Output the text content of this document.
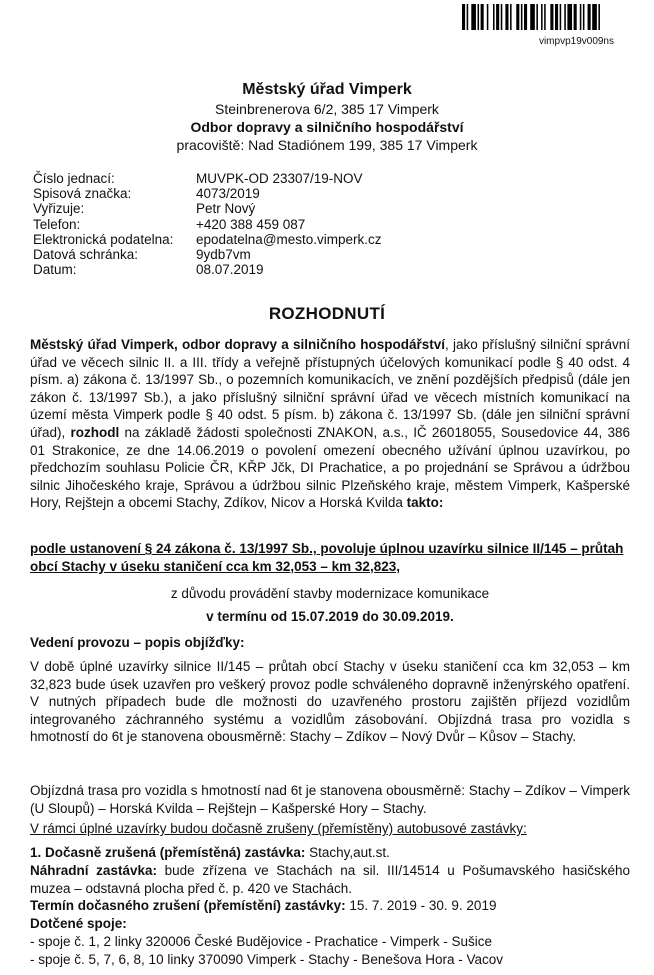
vimpvp19v009ns
Městský úřad Vimperk
Steinbrenerova 6/2, 385 17 Vimperk
Odbor dopravy a silničního hospodářství
pracoviště: Nad Stadiónem 199, 385 17 Vimperk
Číslo jednací:	MUVPK-OD 23307/19-NOV
Spisová značka:	4073/2019
Vyřizuje:	Petr Nový
Telefon:	+420 388 459 087
Elektronická podatelna: epodatelna@mesto.vimperk.cz
Datová schránka:	9ydb7vm
Datum:	08.07.2019
ROZHODNUTÍ
Městský úřad Vimperk, odbor dopravy a silničního hospodářství, jako příslušný silniční správní úřad ve věcech silnic II. a III. třídy a veřejně přístupných účelových komunikací podle § 40 odst. 4 písm. a) zákona č. 13/1997 Sb., o pozemních komunikacích, ve znění pozdějších předpisů (dále jen zákon č. 13/1997 Sb.), a jako příslušný silniční správní úřad ve věcech místních komunikací na území města Vimperk podle § 40 odst. 5 písm. b) zákona č. 13/1997 Sb. (dále jen silniční správní úřad), rozhodl na základě žádosti společnosti ZNAKON, a.s., IČ 26018055, Sousedovice 44, 386 01 Strakonice, ze dne 14.06.2019 o povolení omezení obecného užívání úplnou uzavírkou, po předchozím souhlasu Policie ČR, KŘP Jčk, DI Prachatice, a po projednání se Správou a údržbou silnic Jihočeského kraje, Správou a údržbou silnic Plzeňského kraje, městem Vimperk, Kašperské Hory, Rejštejn a obcemi Stachy, Zdíkov, Nicov a Horská Kvilda takto:
podle ustanovení § 24 zákona č. 13/1997 Sb., povoluje úplnou uzavírku silnice II/145 – průtah obcí Stachy v úseku staničení cca km 32,053 – km 32,823,
z důvodu provádění stavby modernizace komunikace
v termínu od 15.07.2019 do 30.09.2019.
Vedení provozu – popis objížďky:
V době úplné uzavírky silnice II/145 – průtah obcí Stachy v úseku staničení cca km 32,053 – km 32,823 bude úsek uzavřen pro veškerý provoz podle schváleného dopravně inženýrského opatření. V nutných případech bude dle možnosti do uzavřeného prostoru zajištěn příjezd vozidlům integrovaného záchranného systému a vozidlům zásobování. Objízdná trasa pro vozidla s hmotností do 6t je stanovena obousměrně: Stachy – Zdíkov – Nový Dvůr – Kůsov – Stachy.
Objízdná trasa pro vozidla s hmotností nad 6t je stanovena obousměrně: Stachy – Zdíkov – Vimperk (U Sloupů) – Horská Kvilda – Rejštejn – Kašperské Hory – Stachy.
V rámci úplné uzavírky budou dočasně zrušeny (přemístěny) autobusové zastávky:
1. Dočasně zrušená (přemístěná) zastávka: Stachy,aut.st.
Náhradní zastávka: bude zřízena ve Stachách na sil. III/14514 u Pošumavského hasičského muzea – odstavná plocha před č. p. 420 ve Stachách.
Termín dočasného zrušení (přemístění) zastávky: 15. 7. 2019 - 30. 9. 2019
Dotčené spoje:
- spoje č. 1, 2 linky 320006 České Budějovice - Prachatice - Vimperk - Sušice
- spoje č. 5, 7, 6, 8, 10 linky 370090 Vimperk - Stachy - Benešova Hora - Vacov
